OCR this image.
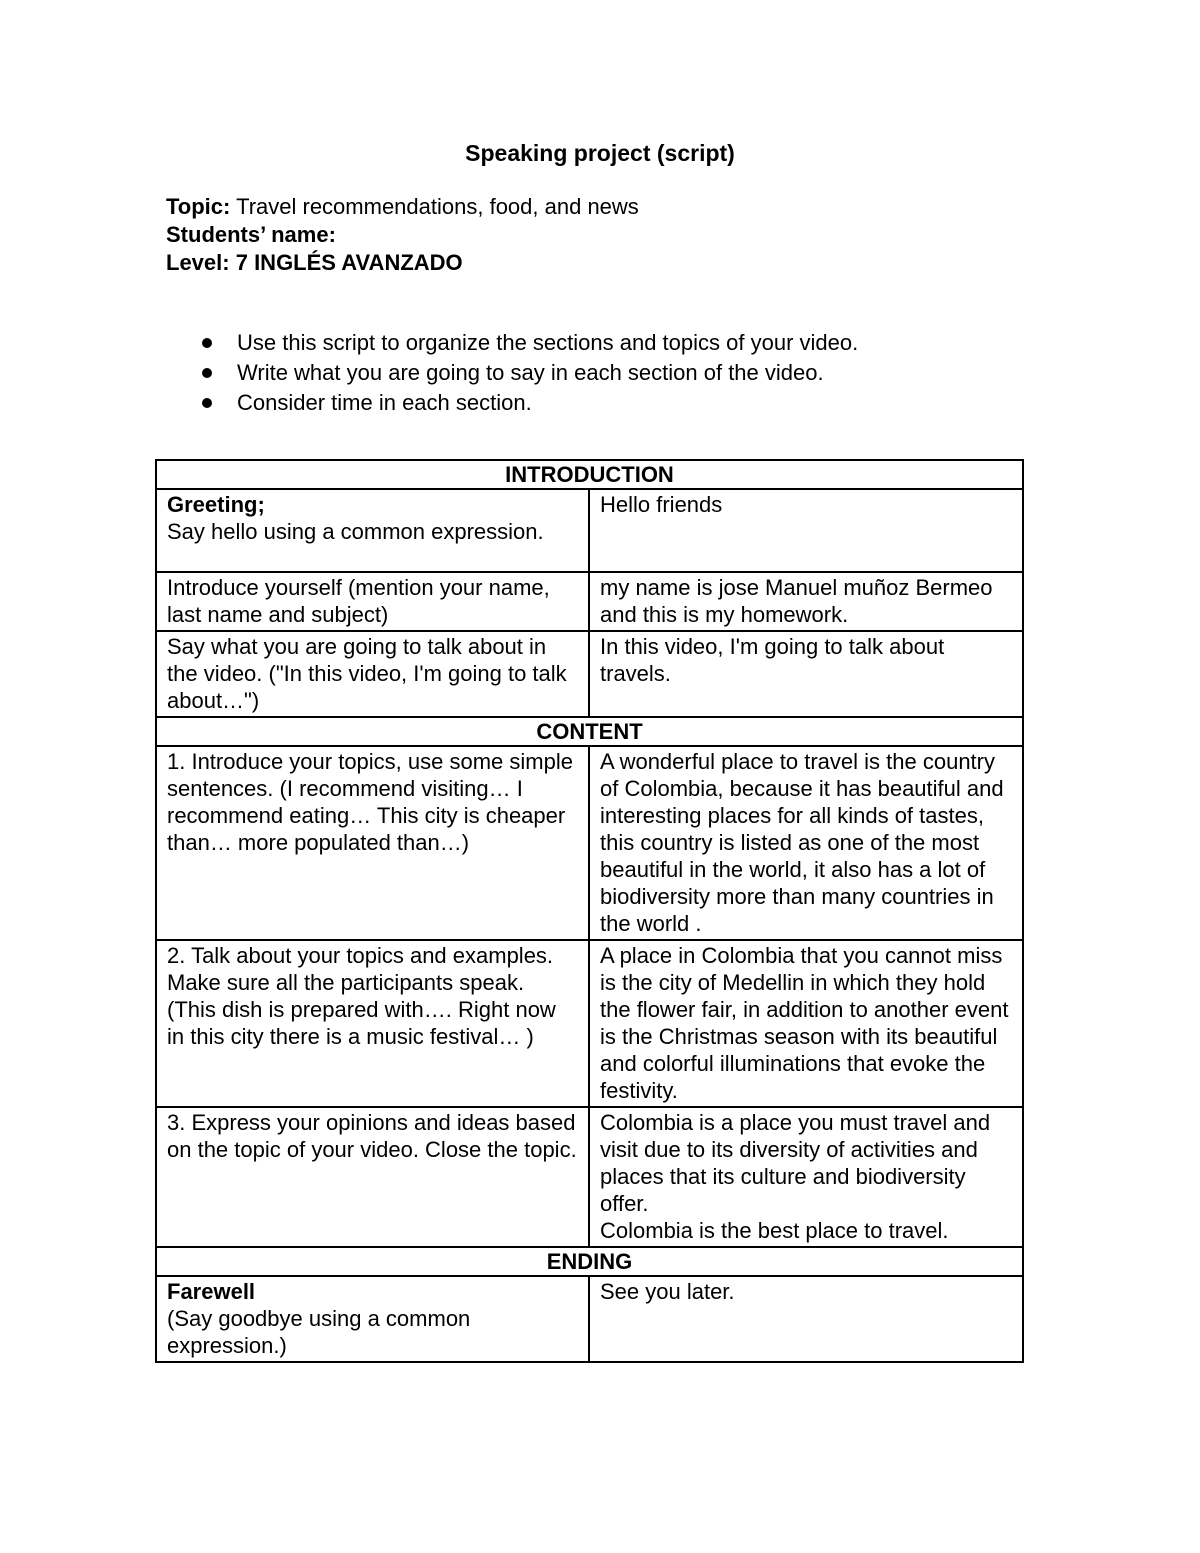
Speaking project (script)
Topic: Travel recommendations, food, and news
Students’ name:
Level: 7 INGLÉS AVANZADO
Use this script to organize the sections and topics of your video.
Write what you are going to say in each section of the video.
Consider time in each section.
INTRODUCTION	

Greeting;
Say hello using a common expression.	Hello friends

Introduce yourself (mention your name, last name and subject)	my name is jose Manuel muñoz Bermeo and this is my homework.

Say what you are going to talk about in the video. ("In this video, I'm going to talk about…")	In this video, I'm going to talk about travels.

CONTENT	

1. Introduce your topics, use some simple sentences. (I recommend visiting… I recommend eating… This city is cheaper than… more populated than…)	A wonderful place to travel is the country of Colombia, because it has beautiful and interesting places for all kinds of tastes, this country is listed as one of the most beautiful in the world, it also has a lot of biodiversity more than many countries in the world .

2. Talk about your topics and examples. Make sure all the participants speak. (This dish is prepared with…. Right now in this city there is a music festival… )	A place in Colombia that you cannot miss is the city of Medellin in which they hold the flower fair, in addition to another event is the Christmas season with its beautiful and colorful illuminations that evoke the festivity.

3. Express your opinions and ideas based on the topic of your video. Close the topic.	Colombia is a place you must travel and visit due to its diversity of activities and places that its culture and biodiversity offer.
Colombia is the best place to travel.

ENDING	

Farewell
(Say goodbye using a common expression.)	See you later.
